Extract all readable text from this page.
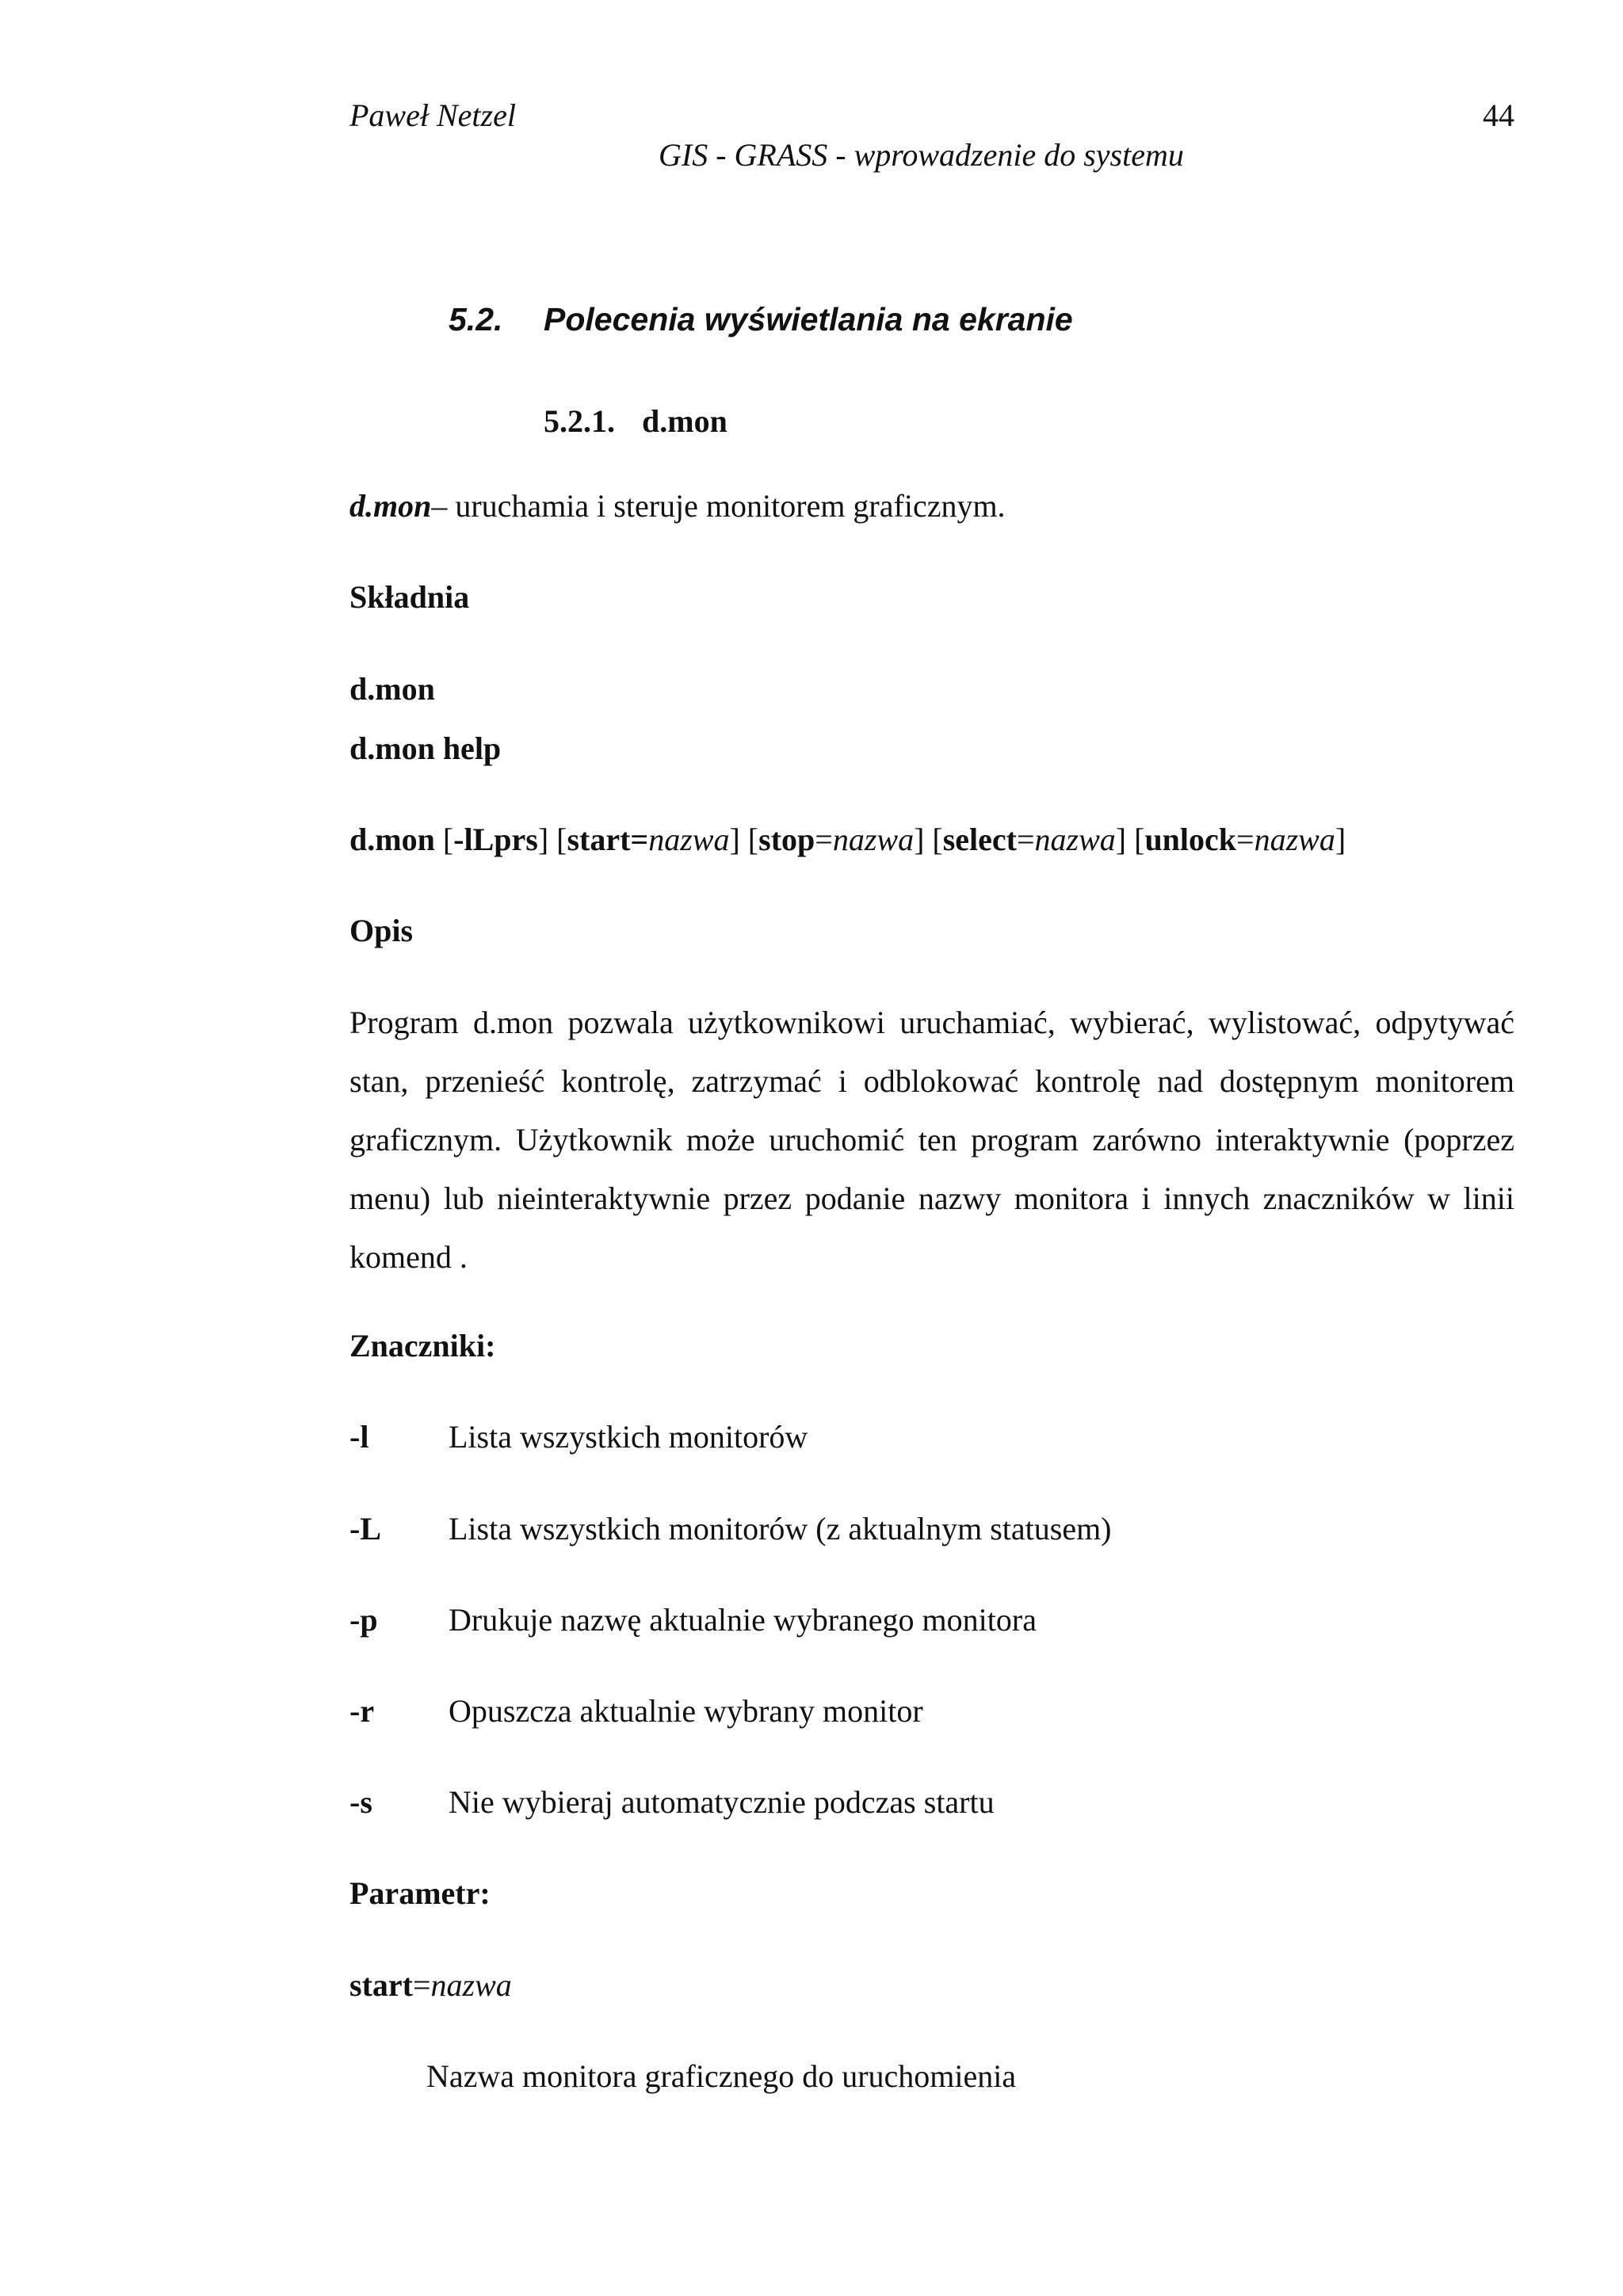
Paweł Netzel	44
GIS - GRASS - wprowadzenie do systemu
5.2. Polecenia wyświetlania na ekranie
5.2.1. d.mon
d.mon– uruchamia i steruje monitorem graficznym.
Składnia
d.mon
d.mon help
d.mon [-lLprs] [start=nazwa] [stop=nazwa] [select=nazwa] [unlock=nazwa]
Opis
Program d.mon pozwala użytkownikowi uruchamiać, wybierać, wylistować, odpytywać
stan, przenieść kontrolę, zatrzymać i odblokować kontrolę nad dostępnym monitorem
graficznym. Użytkownik może uruchomić ten program zarówno interaktywnie (poprzez
menu) lub nieinteraktywnie przez podanie nazwy monitora i innych znaczników w linii
komend .
Znaczniki:
-l	Lista wszystkich monitorów
-L Lista wszystkich monitorów (z aktualnym statusem)
-p Drukuje nazwę aktualnie wybranego monitora
-r Opuszcza aktualnie wybrany monitor
-s Nie wybieraj automatycznie podczas startu
Parametr:
start=nazwa
Nazwa monitora graficznego do uruchomienia
